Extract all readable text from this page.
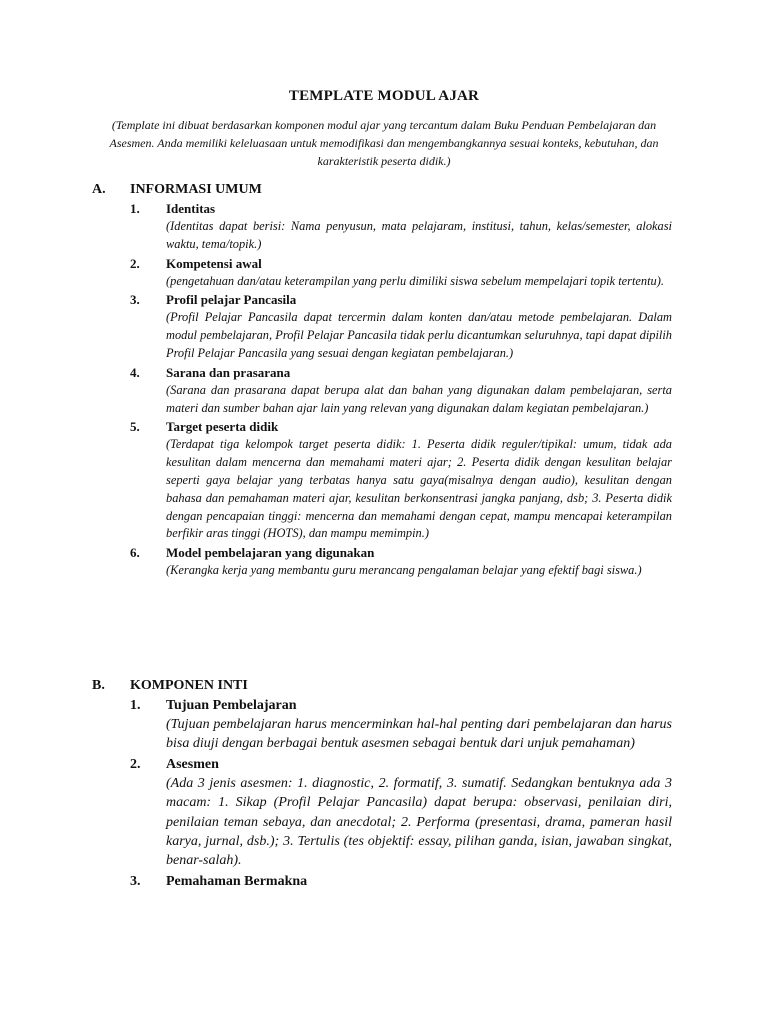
TEMPLATE MODUL AJAR
(Template ini dibuat berdasarkan komponen modul ajar yang tercantum dalam Buku Penduan Pembelajaran dan Asesmen. Anda memiliki keleluasaan untuk memodifikasi dan mengembangkannya sesuai konteks, kebutuhan, dan karakteristik peserta didik.)
A. INFORMASI UMUM
1. Identitas
(Identitas dapat berisi: Nama penyusun, mata pelajaram, institusi, tahun, kelas/semester, alokasi waktu, tema/topik.)
2. Kompetensi awal
(pengetahuan dan/atau keterampilan yang perlu dimiliki siswa sebelum mempelajari topik tertentu).
3. Profil pelajar Pancasila
(Profil Pelajar Pancasila dapat tercermin dalam konten dan/atau metode pembelajaran. Dalam modul pembelajaran, Profil Pelajar Pancasila tidak perlu dicantumkan seluruhnya, tapi dapat dipilih Profil Pelajar Pancasila yang sesuai dengan kegiatan pembelajaran.)
4. Sarana dan prasarana
(Sarana dan prasarana dapat berupa alat dan bahan yang digunakan dalam pembelajaran, serta materi dan sumber bahan ajar lain yang relevan yang digunakan dalam kegiatan pembelajaran.)
5. Target peserta didik
(Terdapat tiga kelompok target peserta didik: 1. Peserta didik reguler/tipikal: umum, tidak ada kesulitan dalam mencerna dan memahami materi ajar; 2. Peserta didik dengan kesulitan belajar seperti gaya belajar yang terbatas hanya satu gaya(misalnya dengan audio), kesulitan dengan bahasa dan pemahaman materi ajar, kesulitan berkonsentrasi jangka panjang, dsb; 3. Peserta didik dengan pencapaian tinggi: mencerna dan memahami dengan cepat, mampu mencapai keterampilan berfikir aras tinggi (HOTS), dan mampu memimpin.)
6. Model pembelajaran yang digunakan
(Kerangka kerja yang membantu guru merancang pengalaman belajar yang efektif bagi siswa.)
B. KOMPONEN INTI
1. Tujuan Pembelajaran
(Tujuan pembelajaran harus mencerminkan hal-hal penting dari pembelajaran dan harus bisa diuji dengan berbagai bentuk asesmen sebagai bentuk dari unjuk pemahaman)
2. Asesmen
(Ada 3 jenis asesmen: 1. diagnostic, 2. formatif, 3. sumatif. Sedangkan bentuknya ada 3 macam: 1. Sikap (Profil Pelajar Pancasila) dapat berupa: observasi, penilaian diri, penilaian teman sebaya, dan anecdotal; 2. Performa (presentasi, drama, pameran hasil karya, jurnal, dsb.); 3. Tertulis (tes objektif: essay, pilihan ganda, isian, jawaban singkat, benar-salah).
3. Pemahaman Bermakna
